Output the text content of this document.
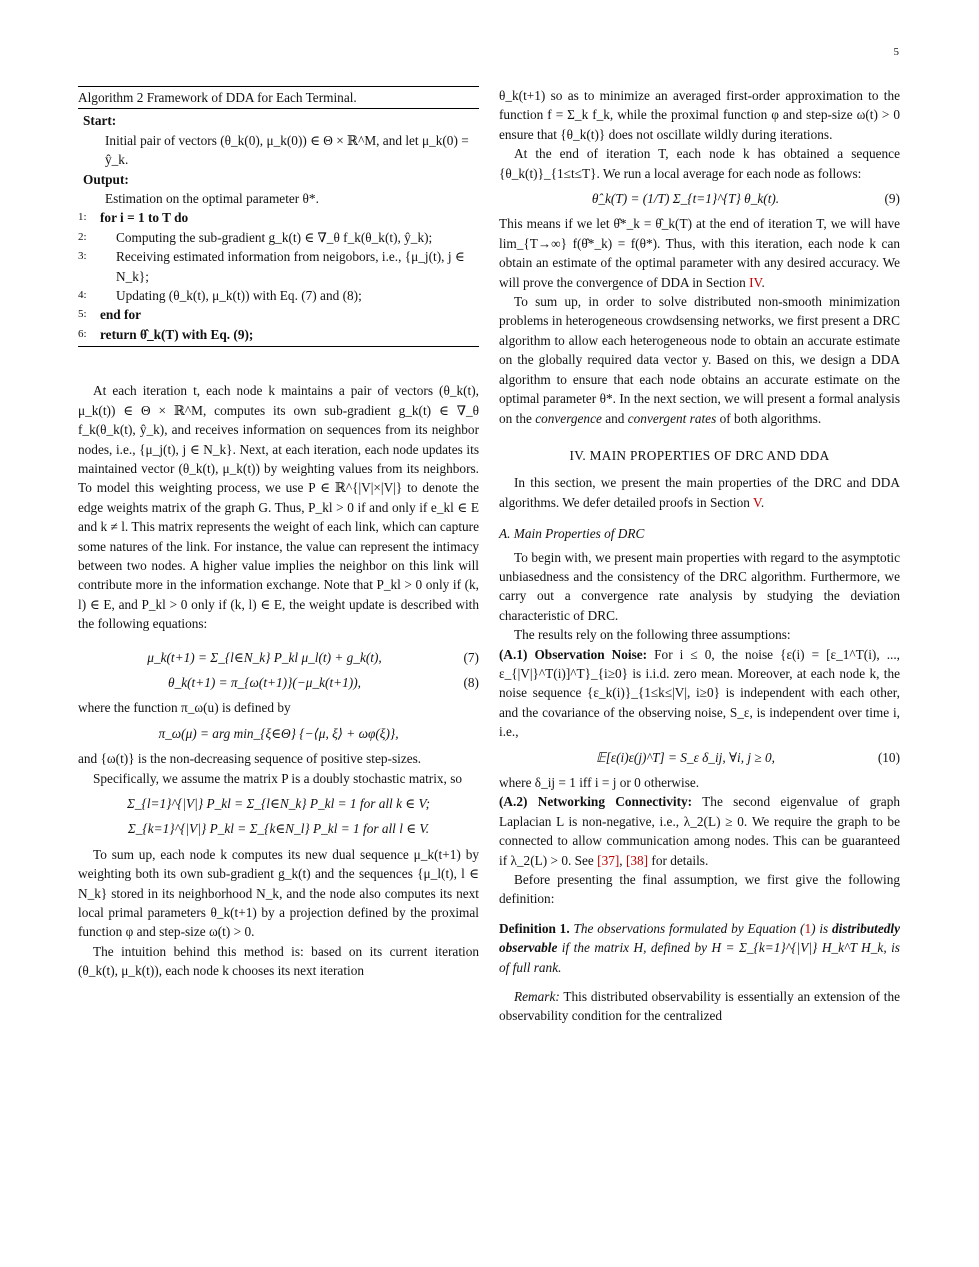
5
Algorithm 2 Framework of DDA for Each Terminal.
Start:
Initial pair of vectors (θ_k(0), μ_k(0)) ∈ Θ × ℝ^M, and let μ_k(0) = ŷ_k.
Output:
Estimation on the optimal parameter θ*.
1:	for i = 1 to T do
2:	Computing the sub-gradient g_k(t) ∈ ∇_θ f_k(θ_k(t), ŷ_k);
3:	Receiving estimated information from neigobors, i.e., {μ_j(t), j ∈ N_k};
4:	Updating (θ_k(t), μ_k(t)) with Eq. (7) and (8);
5:	end for
6:	return θ̂_k(T) with Eq. (9);

At each iteration t, each node k maintains a pair of vectors (θ_k(t), μ_k(t)) ∈ Θ × ℝ^M, computes its own sub-gradient g_k(t) ∈ ∇_θ f_k(θ_k(t), ŷ_k), and receives information on sequences from its neighbor nodes, i.e., {μ_j(t), j ∈ N_k}. Next, at each iteration, each node updates its maintained vector (θ_k(t), μ_k(t)) by weighting values from its neighbors. To model this weighting process, we use P ∈ ℝ^{|V|×|V|} to denote the edge weights matrix of the graph G. Thus, P_kl > 0 if and only if e_kl ∈ E and k ≠ l. This matrix represents the weight of each link, which can capture some natures of the link. For instance, the value can represent the intimacy between two nodes. A higher value implies the neighbor on this link will contribute more in the information exchange. Note that P_kl > 0 only if (k, l) ∈ E, and P_kl > 0 only if (k, l) ∈ E, the weight update is described with the following equations:

μ_k(t+1) = Σ_{l∈N_k} P_kl μ_l(t) + g_k(t),	(7)
θ_k(t+1) = π_{ω(t+1)}(−μ_k(t+1)),	(8)

where the function π_ω(u) is defined by

π_ω(μ) = arg min_{ξ∈Θ} {−⟨μ, ξ⟩ + ωφ(ξ)},

and {ω(t)} is the non-decreasing sequence of positive step-sizes.

Specifically, we assume the matrix P is a doubly stochastic matrix, so

Σ_{l=1}^{|V|} P_kl = Σ_{l∈N_k} P_kl = 1 for all k ∈ V;
Σ_{k=1}^{|V|} P_kl = Σ_{k∈N_l} P_kl = 1 for all l ∈ V.

To sum up, each node k computes its new dual sequence μ_k(t+1) by weighting both its own sub-gradient g_k(t) and the sequences {μ_l(t), l ∈ N_k} stored in its neighborhood N_k, and the node also computes its next local primal parameters θ_k(t+1) by a projection defined by the proximal function φ and step-size ω(t) > 0.

The intuition behind this method is: based on its current iteration (θ_k(t), μ_k(t)), each node k chooses its next iteration

θ_k(t+1) so as to minimize an averaged first-order approximation to the function f = Σ_k f_k, while the proximal function φ and step-size ω(t) > 0 ensure that {θ_k(t)} does not oscillate wildly during iterations.

At the end of iteration T, each node k has obtained a sequence {θ_k(t)}_{1≤t≤T}. We run a local average for each node as follows:

θ̂_k(T) = (1/T) Σ_{t=1}^{T} θ_k(t).	(9)

This means if we let θ̂*_k = θ̂_k(T) at the end of iteration T, we will have lim_{T→∞} f(θ̂*_k) = f(θ*). Thus, with this iteration, each node k can obtain an estimate of the optimal parameter with any desired accuracy. We will prove the convergence of DDA in Section IV.

To sum up, in order to solve distributed non-smooth minimization problems in heterogeneous crowdsensing networks, we first present a DRC algorithm to allow each heterogeneous node to obtain an accurate estimate on the globally required data vector y. Based on this, we design a DDA algorithm to ensure that each node obtains an accurate estimate on the optimal parameter θ*. In the next section, we will present a formal analysis on the convergence and convergent rates of both algorithms.

IV. MAIN PROPERTIES OF DRC AND DDA

In this section, we present the main properties of the DRC and DDA algorithms. We defer detailed proofs in Section V.

A. Main Properties of DRC

To begin with, we present main properties with regard to the asymptotic unbiasedness and the consistency of the DRC algorithm. Furthermore, we carry out a convergence rate analysis by studying the deviation characteristic of DRC.

The results rely on the following three assumptions:

(A.1) Observation Noise: For i ≤ 0, the noise {ε(i) = [ε_1^T(i), ..., ε_{|V|}^T(i)]^T}_{i≥0} is i.i.d. zero mean. Moreover, at each node k, the noise sequence {ε_k(i)}_{1≤k≤|V|, i≥0} is independent with each other, and the covariance of the observing noise, S_ε, is independent over time i, i.e.,

𝔼[ε(i)ε(j)^T] = S_ε δ_ij, ∀i, j ≥ 0,	(10)

where δ_ij = 1 iff i = j or 0 otherwise.

(A.2) Networking Connectivity: The second eigenvalue of graph Laplacian L is non-negative, i.e., λ_2(L) ≥ 0. We require the graph to be connected to allow communication among nodes. This can be guaranteed if λ_2(L) > 0. See [37], [38] for details.

Before presenting the final assumption, we first give the following definition:

Definition 1. The observations formulated by Equation (1) is distributedly observable if the matrix H, defined by H = Σ_{k=1}^{|V|} H_k^T H_k, is of full rank.

Remark: This distributed observability is essentially an extension of the observability condition for the centralized
